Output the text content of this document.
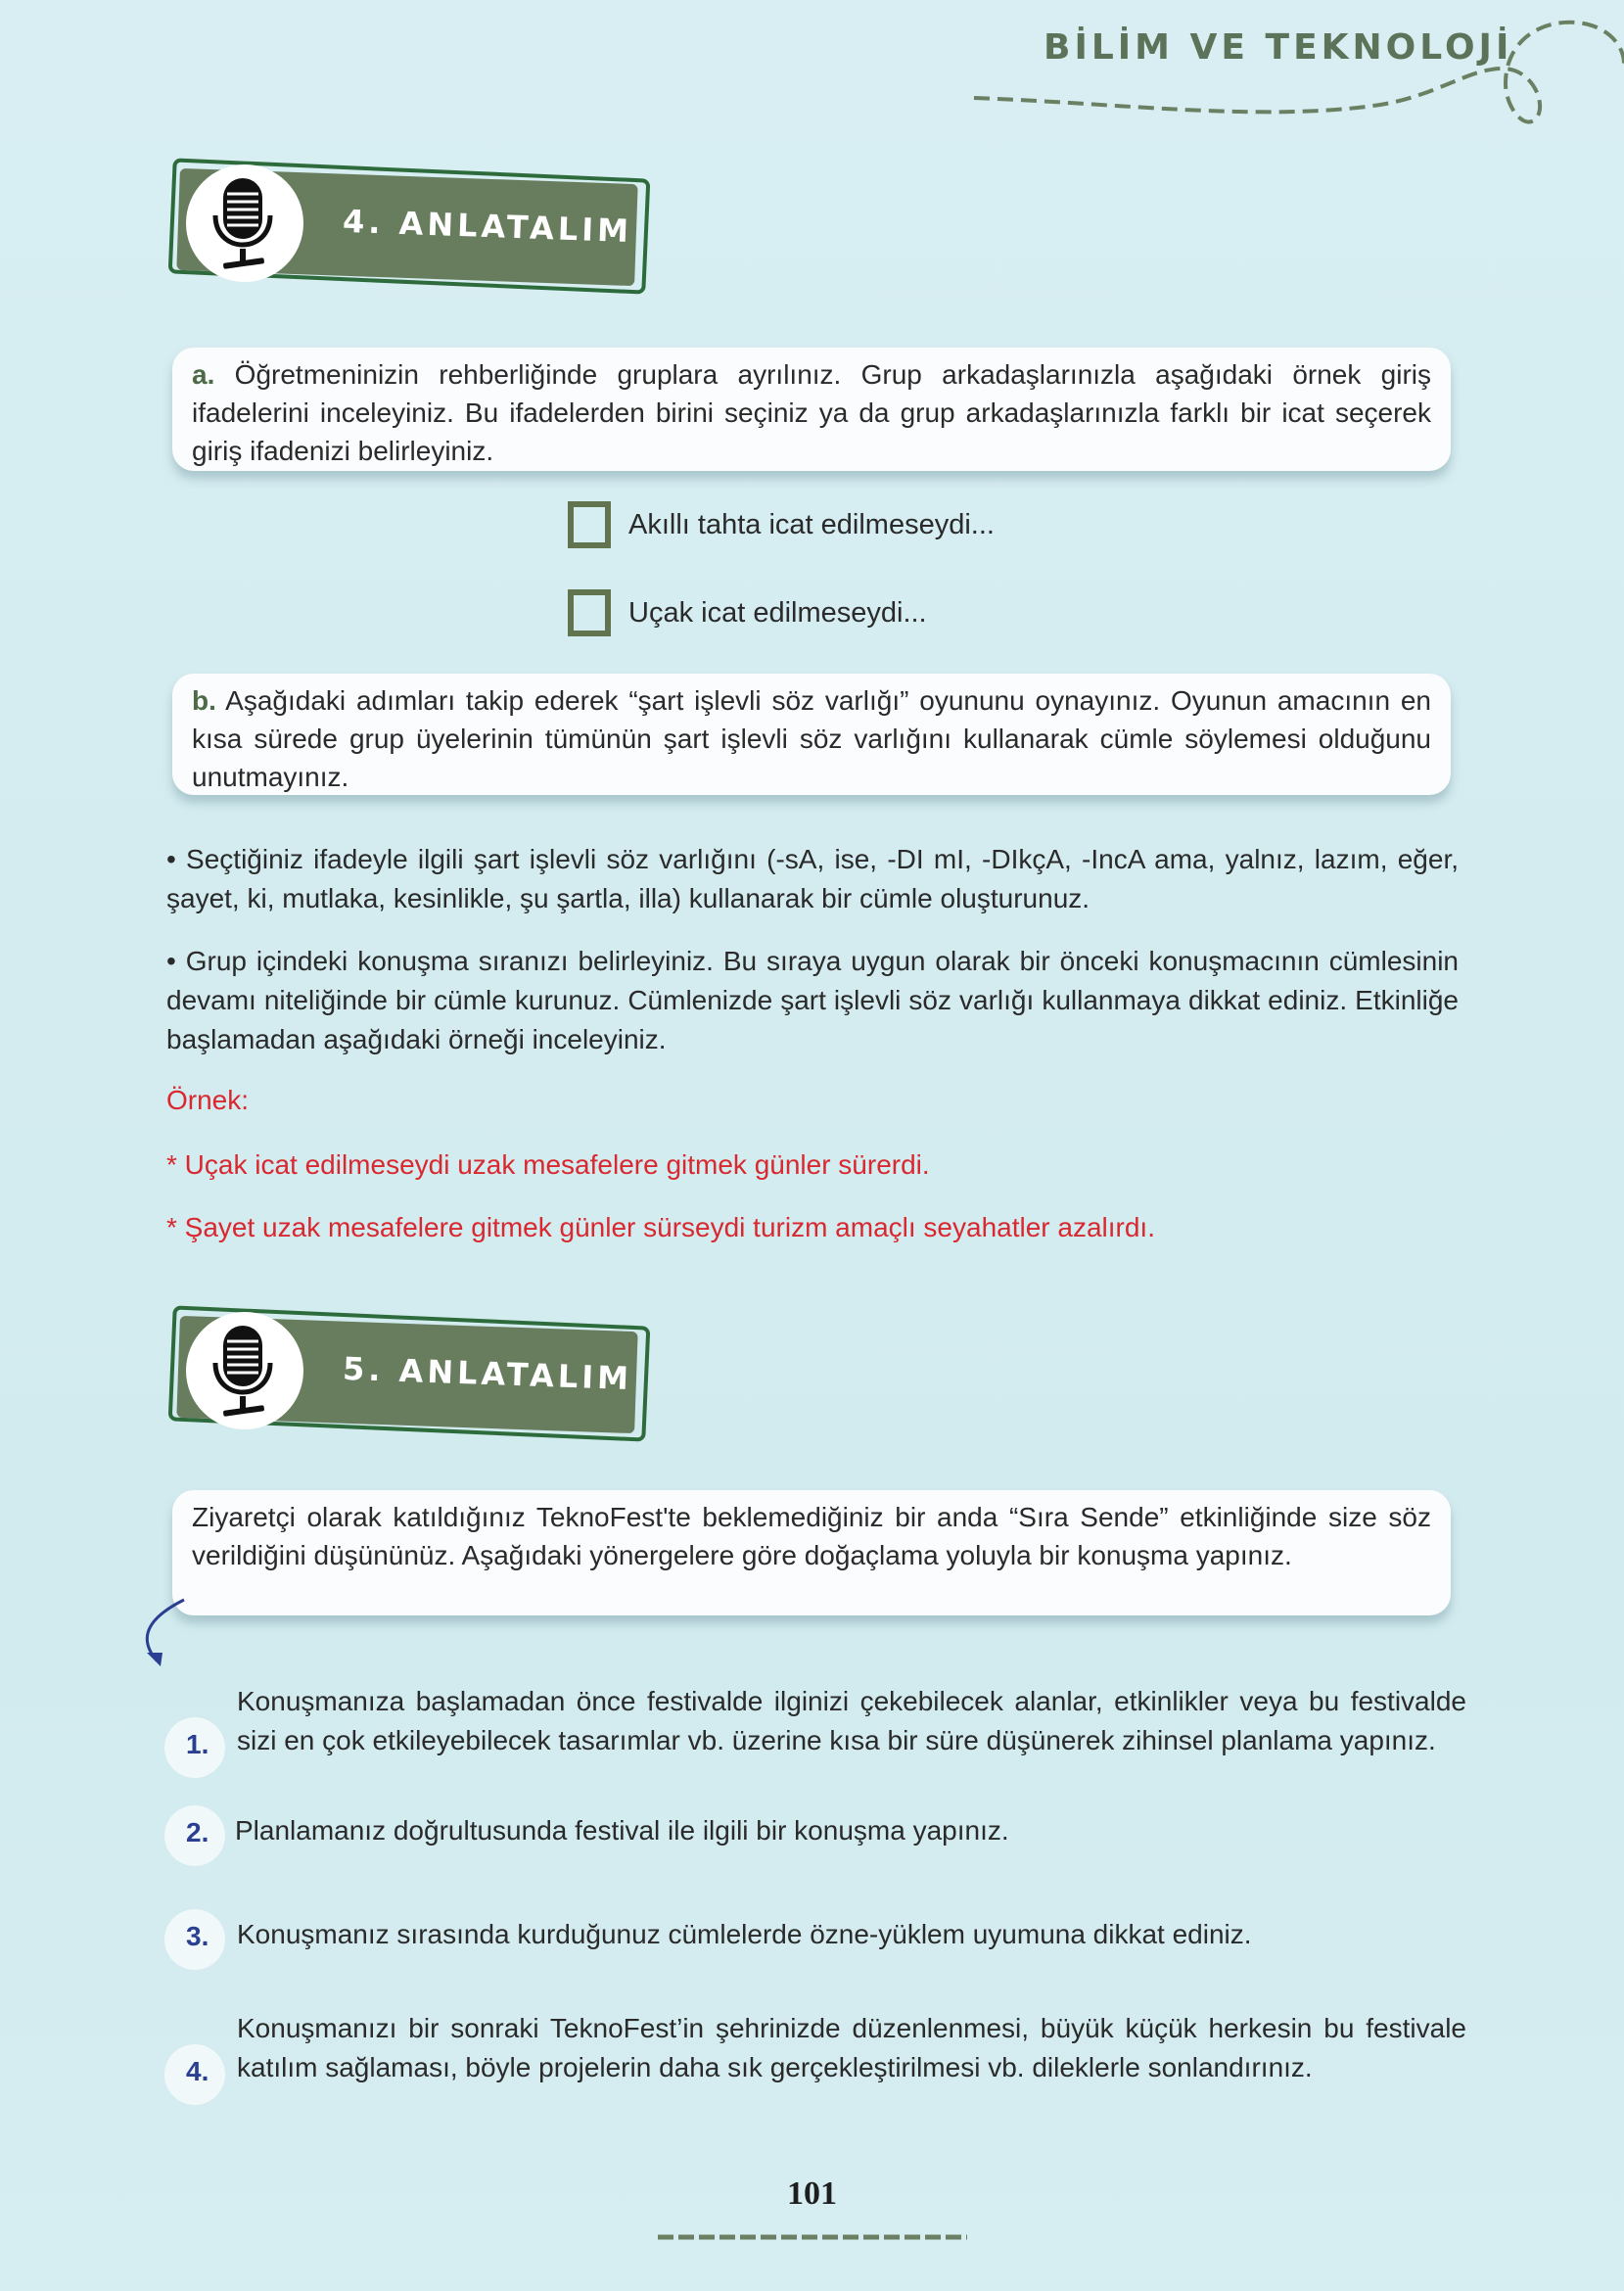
BİLİM VE TEKNOLOJİ
4. ANLATALIM
a. Öğretmeninizin rehberliğinde gruplara ayrılınız. Grup arkadaşlarınızla aşağıdaki örnek giriş ifadelerini inceleyiniz. Bu ifadelerden birini seçiniz ya da grup arkadaşlarınızla farklı bir icat seçerek giriş ifadenizi belirleyiniz.
Akıllı tahta icat edilmeseydi...
Uçak icat edilmeseydi...
b. Aşağıdaki adımları takip ederek “şart işlevli söz varlığı” oyununu oynayınız. Oyunun amacının en kısa sürede grup üyelerinin tümünün şart işlevli söz varlığını kullanarak cümle söylemesi olduğunu unutmayınız.
• Seçtiğiniz ifadeyle ilgili şart işlevli söz varlığını (-sA, ise, -DI mI, -DIkçA, -IncA ama, yalnız, lazım, eğer, şayet, ki, mutlaka, kesinlikle, şu şartla, illa) kullanarak bir cümle oluşturunuz.
• Grup içindeki konuşma sıranızı belirleyiniz. Bu sıraya uygun olarak bir önceki konuşmacının cümlesinin devamı niteliğinde bir cümle kurunuz. Cümlenizde şart işlevli söz varlığı kullanmaya dikkat ediniz. Etkinliğe başlamadan aşağıdaki örneği inceleyiniz.
Örnek:
* Uçak icat edilmeseydi uzak mesafelere gitmek günler sürerdi.
* Şayet uzak mesafelere gitmek günler sürseydi turizm amaçlı seyahatler azalırdı.
5. ANLATALIM
Ziyaretçi olarak katıldığınız TeknoFest'te beklemediğiniz bir anda “Sıra Sende” etkinliğinde size söz verildiğini düşününüz. Aşağıdaki yönergelere göre doğaçlama yoluyla bir konuşma yapınız.
1.
Konuşmanıza başlamadan önce festivalde ilginizi çekebilecek alanlar, etkinlikler veya bu festivalde sizi en çok etkileyebilecek tasarımlar vb. üzerine kısa bir süre düşünerek zihinsel planlama yapınız.
2. Planlamanız doğrultusunda festival ile ilgili bir konuşma yapınız.
3. Konuşmanız sırasında kurduğunuz cümlelerde özne-yüklem uyumuna dikkat ediniz.
4.
Konuşmanızı bir sonraki TeknoFest’in şehrinizde düzenlenmesi, büyük küçük herkesin bu festivale katılım sağlaması, böyle projelerin daha sık gerçekleştirilmesi vb. dileklerle sonlandırınız.
101
